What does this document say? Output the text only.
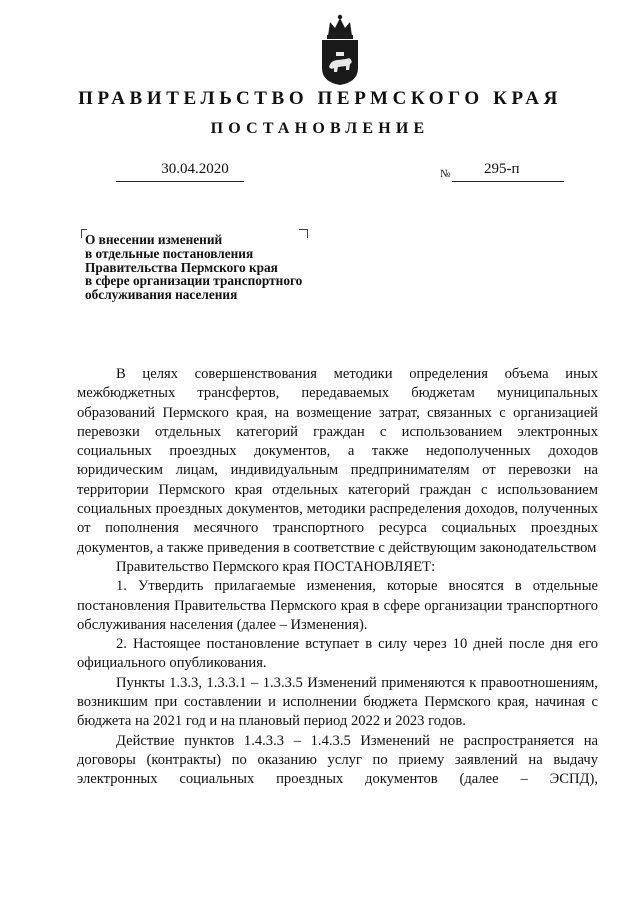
ПРАВИТЕЛЬСТВО ПЕРМСКОГО КРАЯ
ПОСТАНОВЛЕНИЕ
30.04.2020	№ 295-п
О внесении изменений
в отдельные постановления
Правительства Пермского края
в сфере организации транспортного
обслуживания населения

В целях совершенствования методики определения объема иных межбюджетных трансфертов, передаваемых бюджетам муниципальных образований Пермского края, на возмещение затрат, связанных с организацией перевозки отдельных категорий граждан с использованием электронных социальных проездных документов, а также недополученных доходов юридическим лицам, индивидуальным предпринимателям от перевозки на территории Пермского края отдельных категорий граждан с использованием социальных проездных документов, методики распределения доходов, полученных от пополнения месячного транспортного ресурса социальных проездных документов, а также приведения в соответствие с действующим законодательством

Правительство Пермского края ПОСТАНОВЛЯЕТ:

1. Утвердить прилагаемые изменения, которые вносятся в отдельные постановления Правительства Пермского края в сфере организации транспортного обслуживания населения (далее – Изменения).

2. Настоящее постановление вступает в силу через 10 дней после дня его официального опубликования.

Пункты 1.3.3, 1.3.3.1 – 1.3.3.5 Изменений применяются к правоотношениям, возникшим при составлении и исполнении бюджета Пермского края, начиная с бюджета на 2021 год и на плановый период 2022 и 2023 годов.

Действие пунктов 1.4.3.3 – 1.4.3.5 Изменений не распространяется на договоры (контракты) по оказанию услуг по приему заявлений на выдачу электронных социальных проездных документов (далее – ЭСПД),
